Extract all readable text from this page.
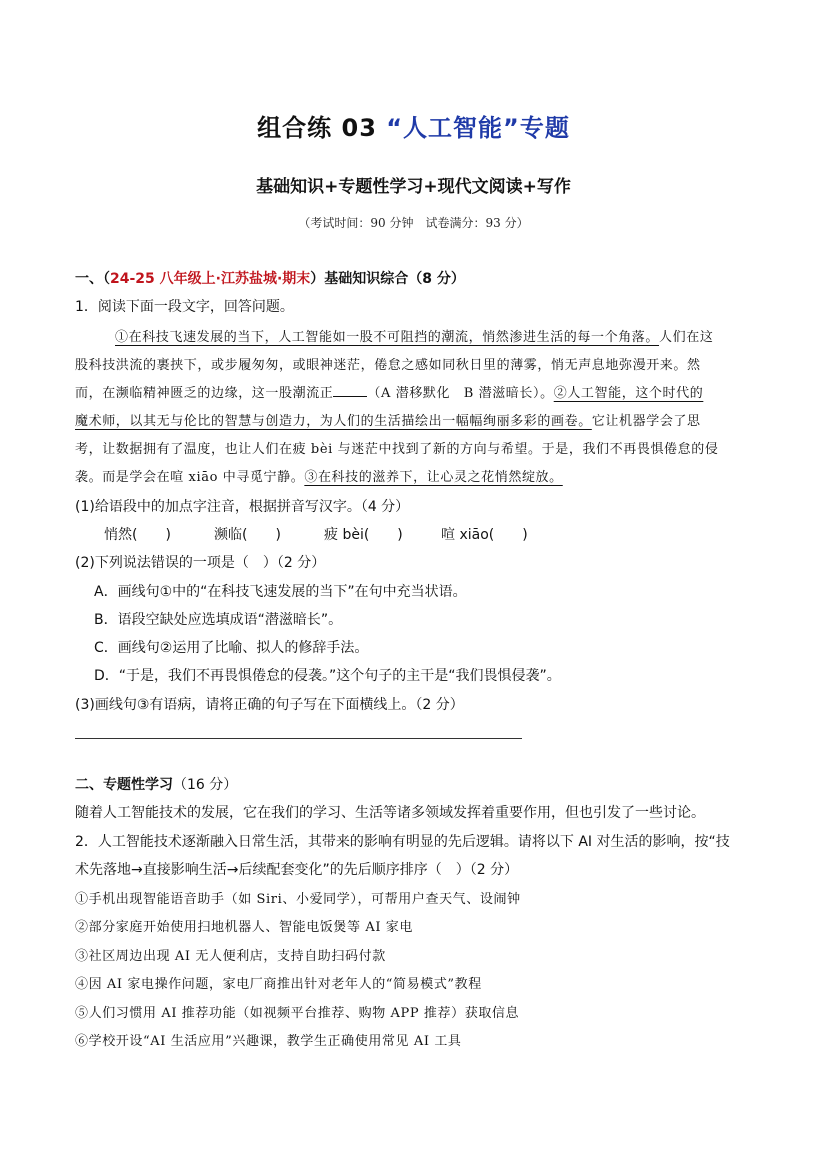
组合练 03 “人工智能”专题
基础知识+专题性学习+现代文阅读+写作
（考试时间：90 分钟　试卷满分：93 分）
一、（24-25 八年级上·江苏盐城·期末）基础知识综合（8 分）
1．阅读下面一段文字，回答问题。
①在科技飞速发展的当下，人工智能如一股不可阻挡的潮流，悄然渗进生活的每一个角落。人们在这
股科技洪流的裹挟下，或步履匆匆，或眼神迷茫，倦怠之感如同秋日里的薄雾，悄无声息地弥漫开来。然
而，在濒临精神匮乏的边缘，这一股潮流正	（A 潜移默化　B 潜滋暗长）。②人工智能，这个时代的
魔术师，以其无与伦比的智慧与创造力，为人们的生活描绘出一幅幅绚丽多彩的画卷。它让机器学会了思
考，让数据拥有了温度，也让人们在疲 bèi 与迷茫中找到了新的方向与希望。于是，我们不再畏惧倦怠的侵
袭。而是学会在喧 xiāo 中寻觅宁静。③在科技的滋养下，让心灵之花悄然绽放。
(1)给语段中的加点字注音，根据拼音写汉字。（4 分）
悄然(　　)	濒临(　　)	疲 bèi(　　)	喧 xiāo(　　)
(2)下列说法错误的一项是（　）（2 分）
A．画线句①中的“在科技飞速发展的当下”在句中充当状语。
B．语段空缺处应选填成语“潜滋暗长”。
C．画线句②运用了比喻、拟人的修辞手法。
D．“于是，我们不再畏惧倦怠的侵袭。”这个句子的主干是“我们畏惧侵袭”。
(3)画线句③有语病，请将正确的句子写在下面横线上。（2 分）
二、专题性学习（16 分）
随着人工智能技术的发展，它在我们的学习、生活等诸多领域发挥着重要作用，但也引发了一些讨论。
2．人工智能技术逐渐融入日常生活，其带来的影响有明显的先后逻辑。请将以下 AI 对生活的影响，按“技
术先落地→直接影响生活→后续配套变化”的先后顺序排序（　）（2 分）
①手机出现智能语音助手（如 Siri、小爱同学），可帮用户查天气、设闹钟
②部分家庭开始使用扫地机器人、智能电饭煲等 AI 家电
③社区周边出现 AI 无人便利店，支持自助扫码付款
④因 AI 家电操作问题，家电厂商推出针对老年人的“简易模式”教程
⑤人们习惯用 AI 推荐功能（如视频平台推荐、购物 APP 推荐）获取信息
⑥学校开设“AI 生活应用”兴趣课，教学生正确使用常见 AI 工具
